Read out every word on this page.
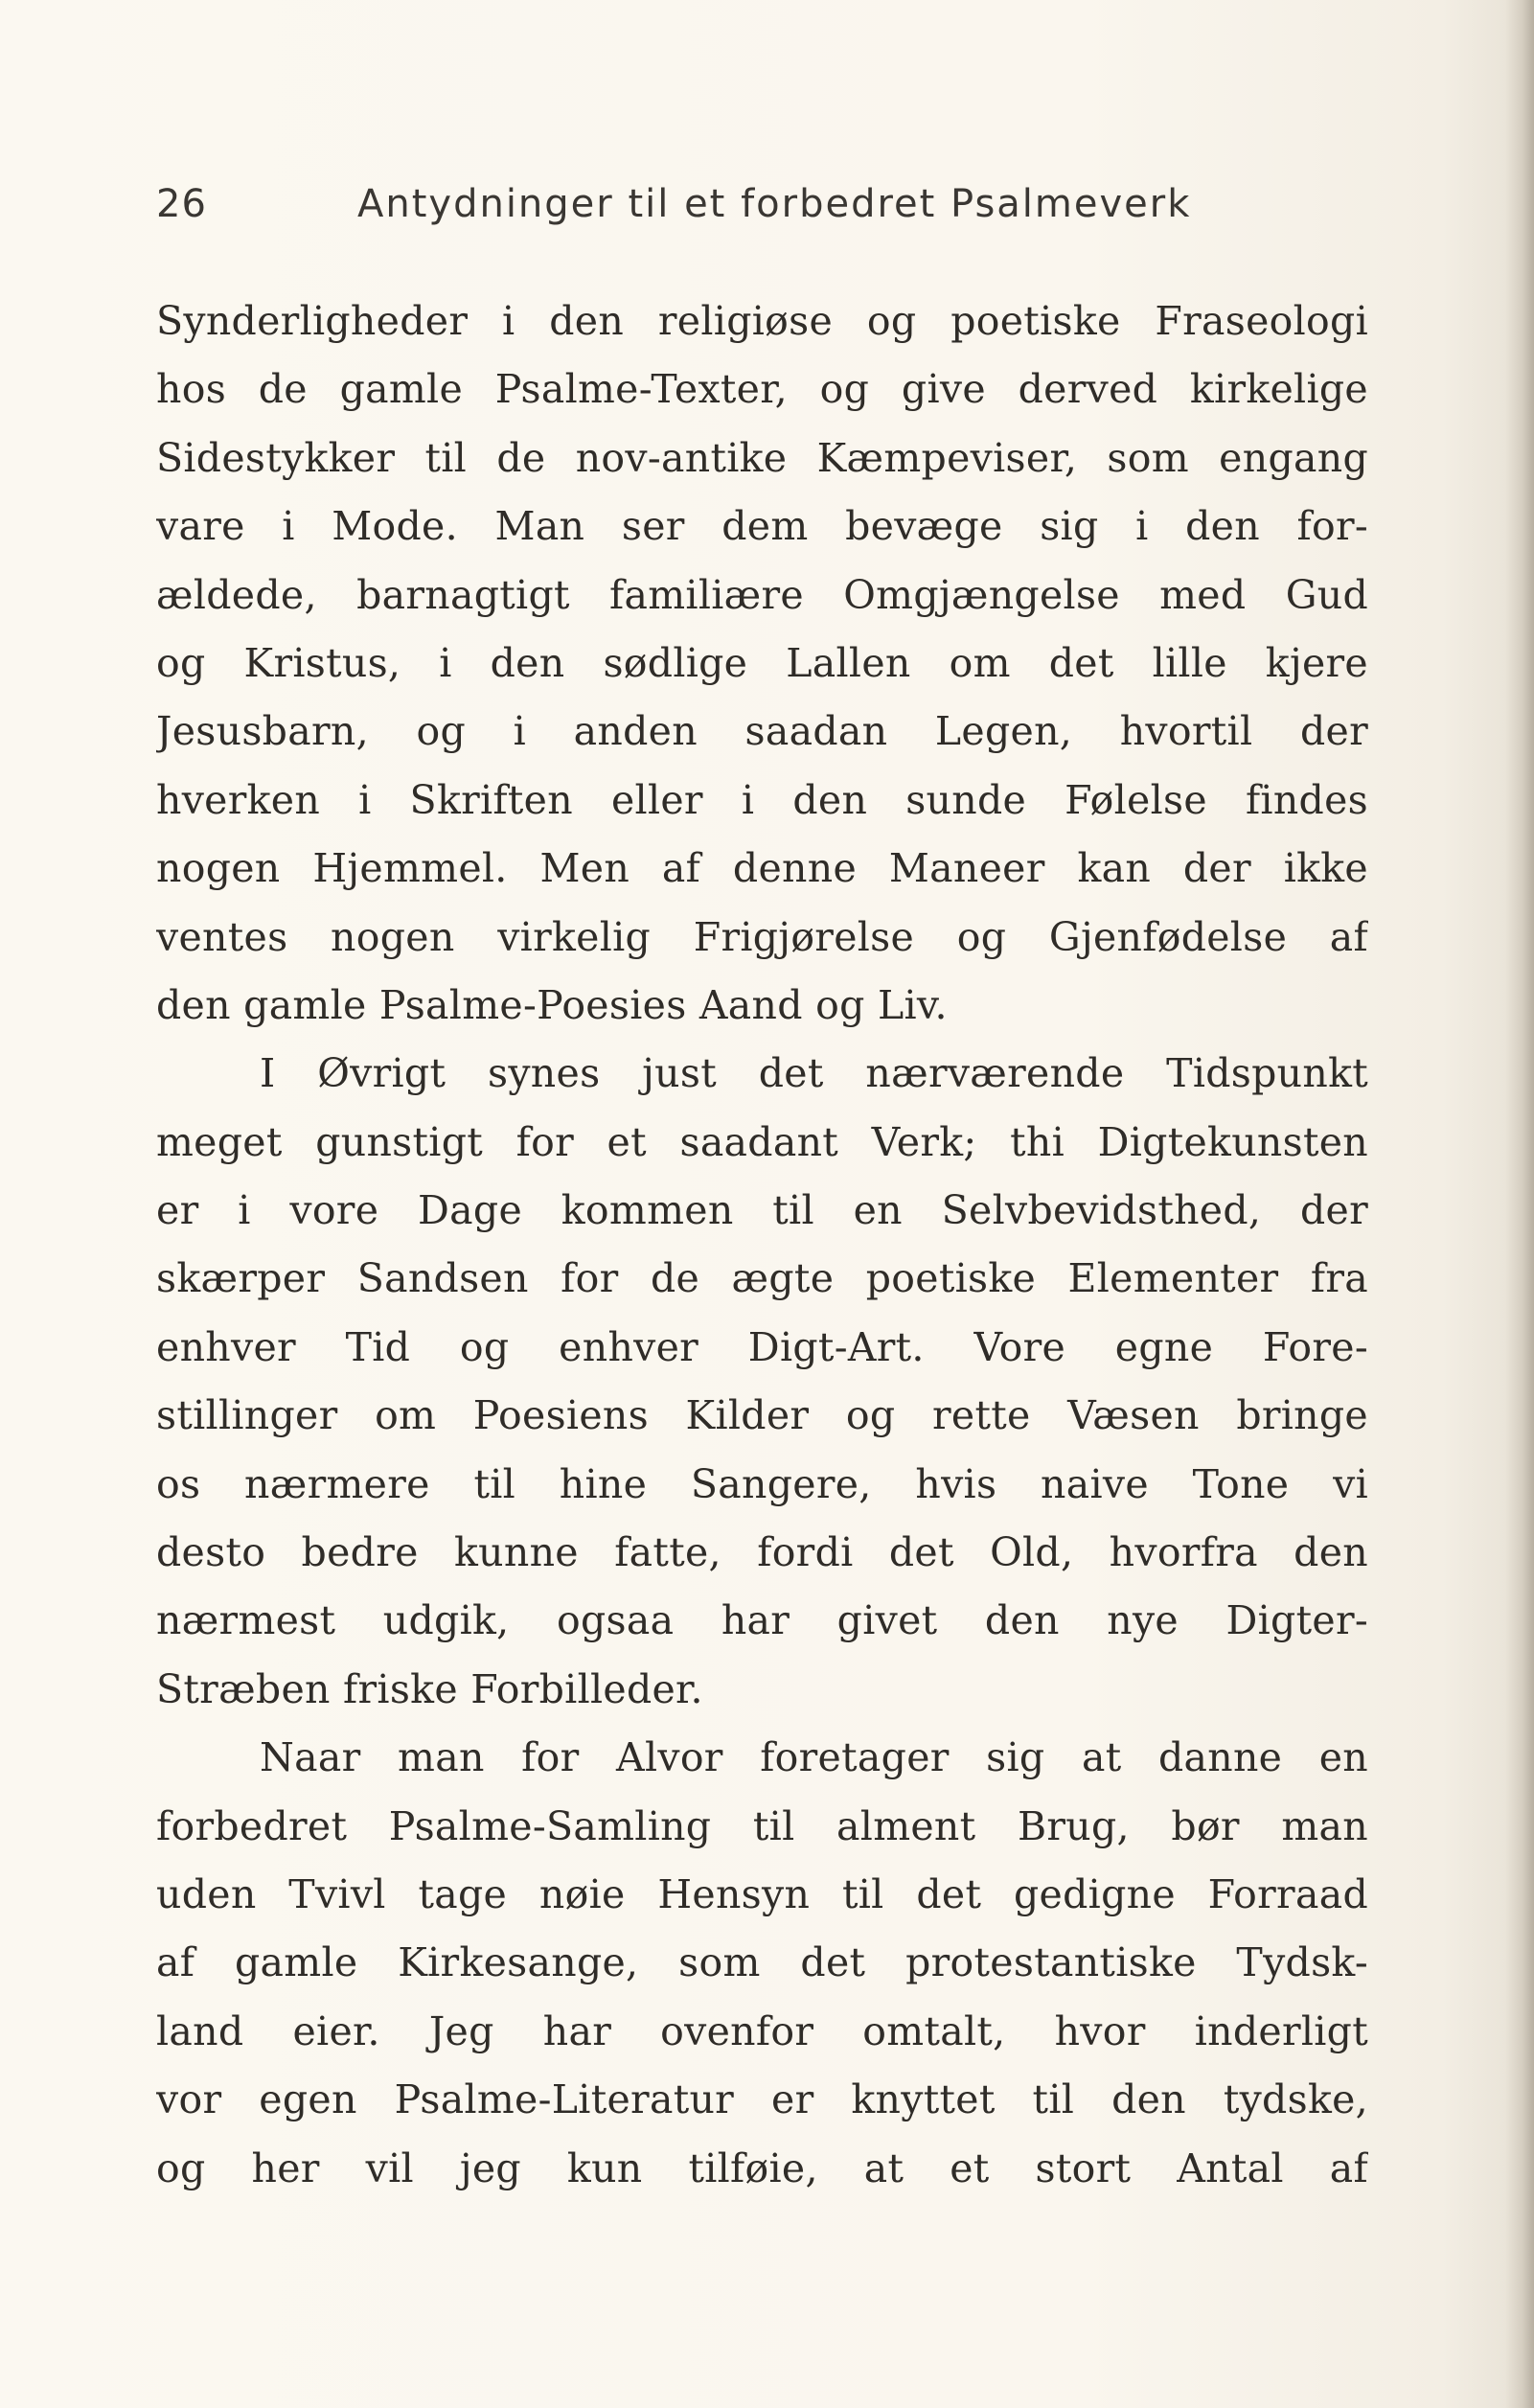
26	Antydninger til et forbedret Psalmeverk
Synderligheder i den religiøse og poetiske Fraseologi
hos de gamle Psalme-Texter, og give derved kirkelige
Sidestykker til de nov-antike Kæmpeviser, som engang
vare i Mode. Man ser dem bevæge sig i den for-
ældede, barnagtigt familiære Omgjængelse med Gud
og Kristus, i den sødlige Lallen om det lille kjere
Jesusbarn, og i anden saadan Legen, hvortil der
hverken i Skriften eller i den sunde Følelse findes
nogen Hjemmel. Men af denne Maneer kan der ikke
ventes nogen virkelig Frigjørelse og Gjenfødelse af
den gamle Psalme-Poesies Aand og Liv.
I Øvrigt synes just det nærværende Tidspunkt
meget gunstigt for et saadant Verk; thi Digtekunsten
er i vore Dage kommen til en Selvbevidsthed, der
skærper Sandsen for de ægte poetiske Elementer fra
enhver Tid og enhver Digt-Art. Vore egne Fore-
stillinger om Poesiens Kilder og rette Væsen bringe
os nærmere til hine Sangere, hvis naive Tone vi
desto bedre kunne fatte, fordi det Old, hvorfra den
nærmest udgik, ogsaa har givet den nye Digter-
Stræben friske Forbilleder.
Naar man for Alvor foretager sig at danne en
forbedret Psalme-Samling til alment Brug, bør man
uden Tvivl tage nøie Hensyn til det gedigne Forraad
af gamle Kirkesange, som det protestantiske Tydsk-
land eier. Jeg har ovenfor omtalt, hvor inderligt
vor egen Psalme-Literatur er knyttet til den tydske,
og her vil jeg kun tilføie, at et stort Antal af
